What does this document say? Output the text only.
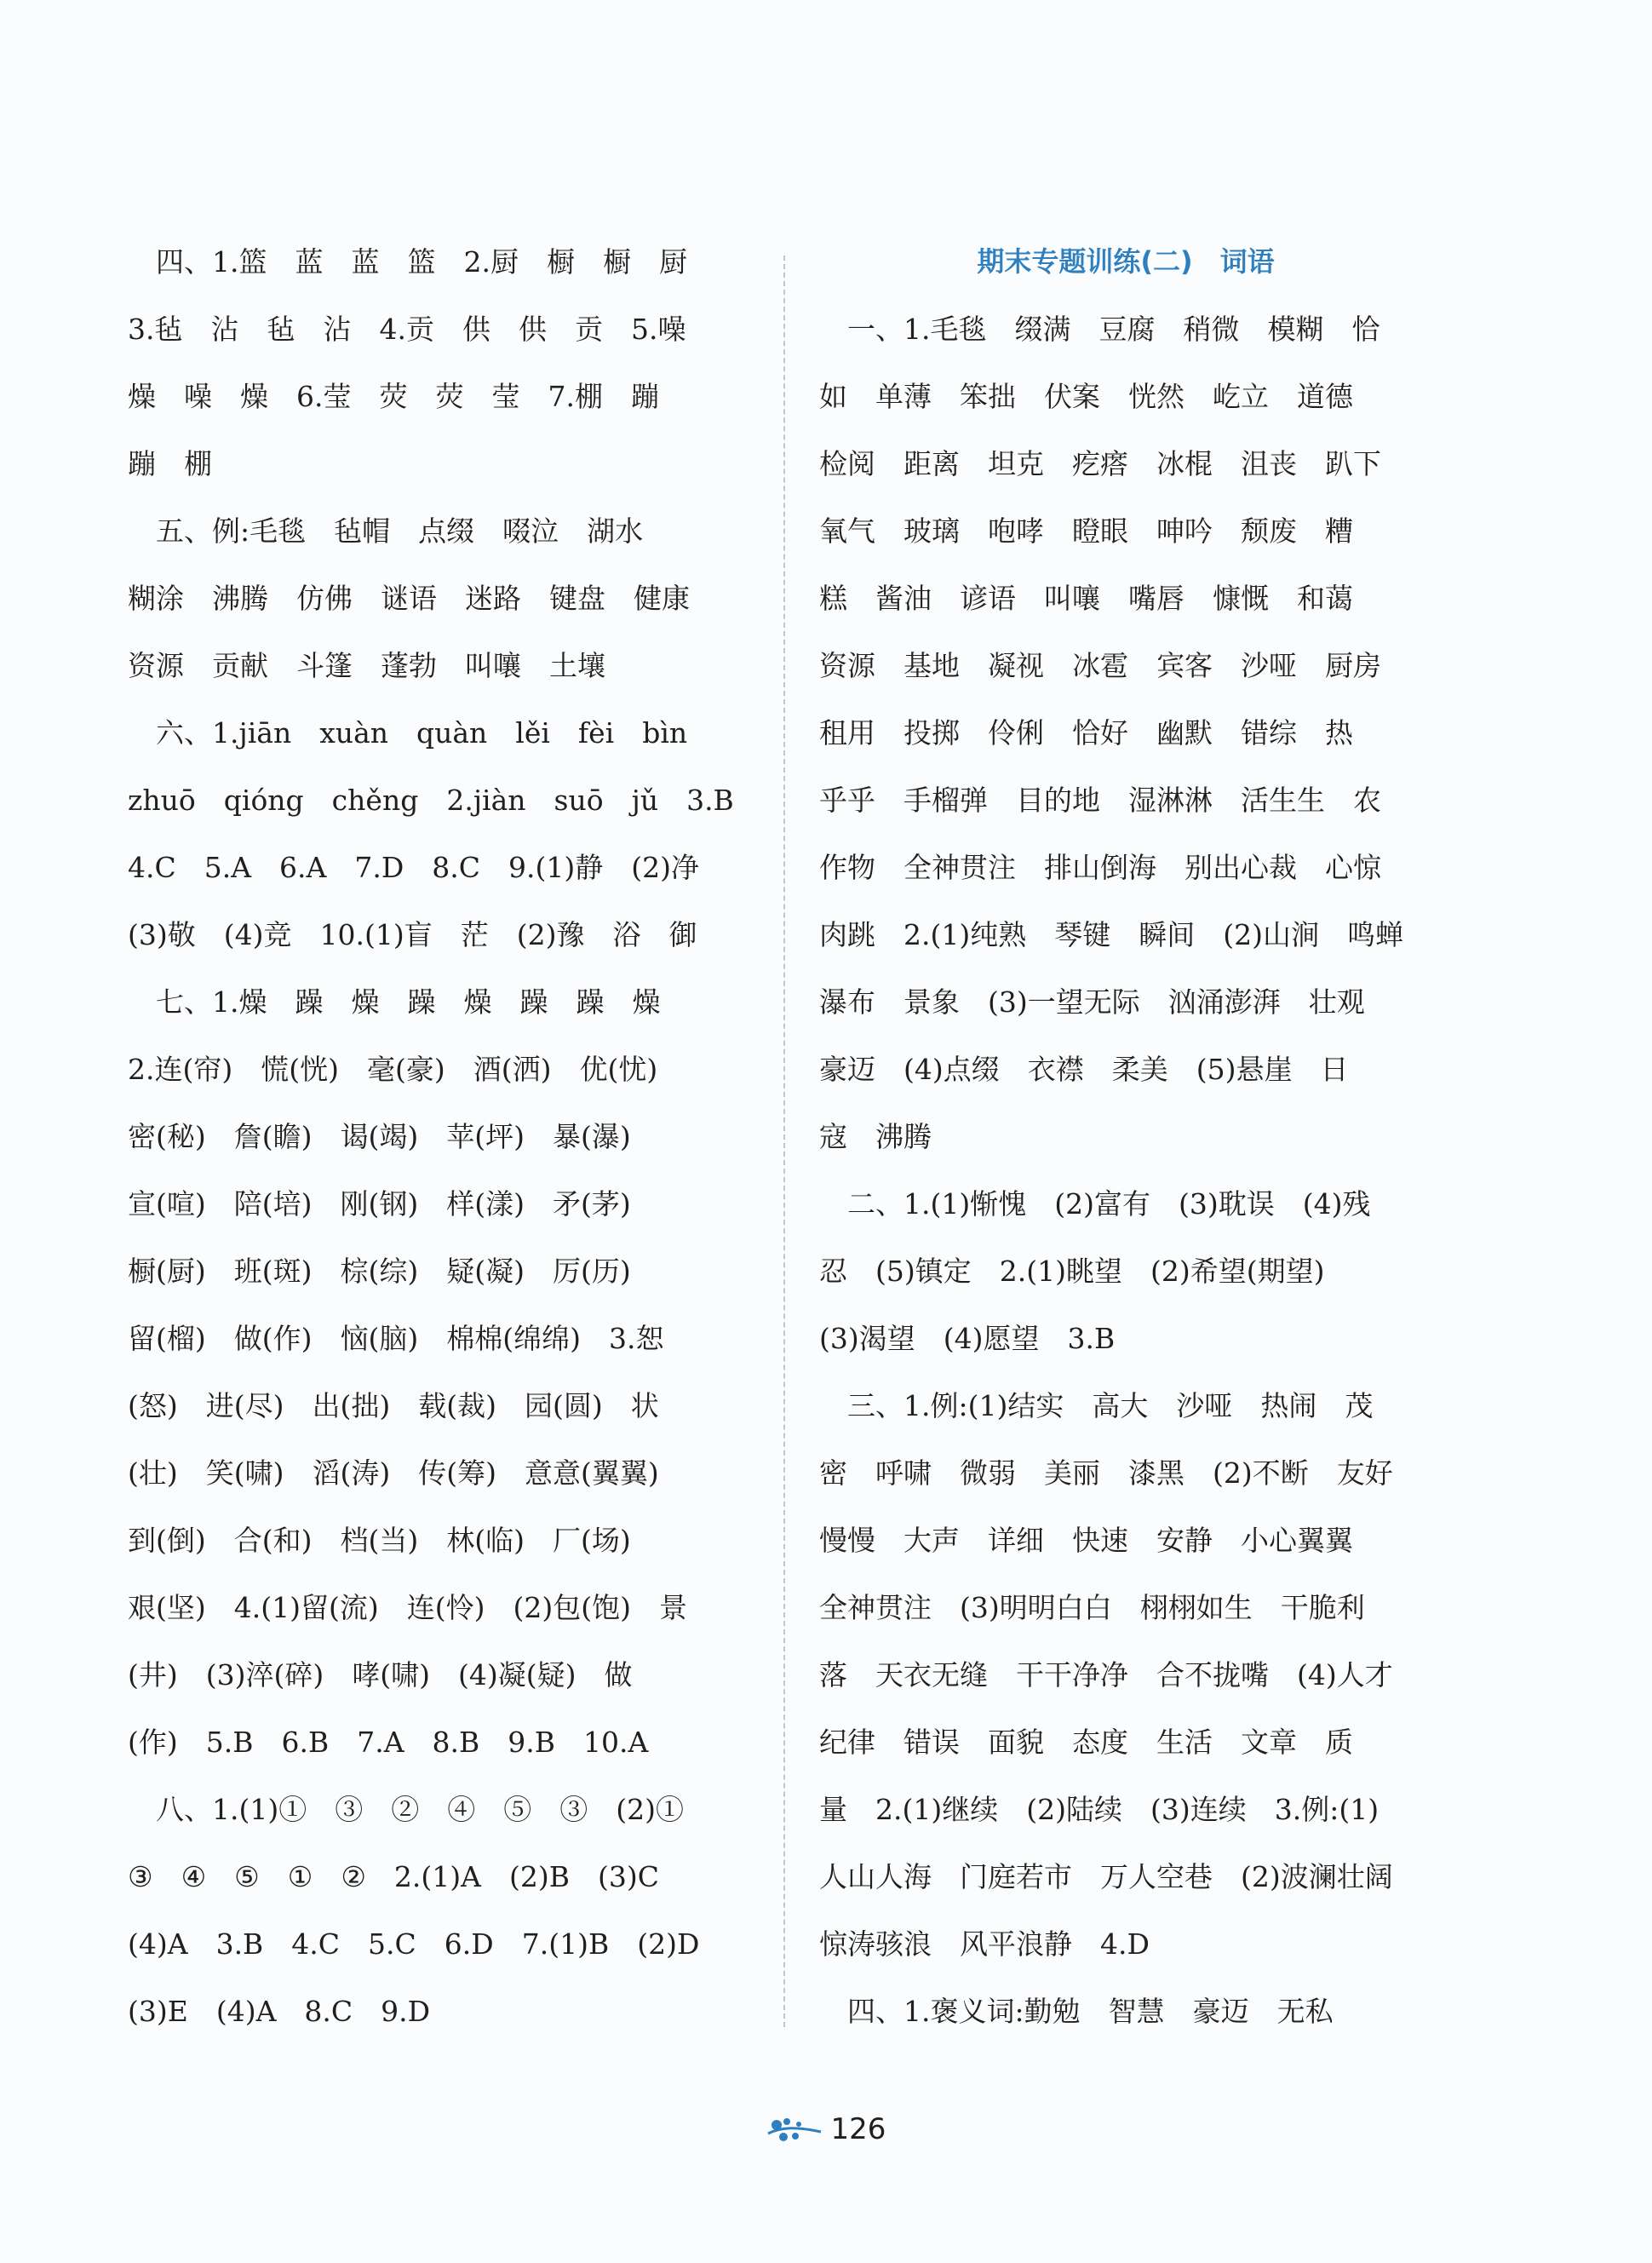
四、1.篮　蓝　蓝　篮　2.厨　橱　橱　厨
3.毡　沾　毡　沾　4.贡　供　供　贡　5.噪
燥　噪　燥　6.莹　荧　荧　莹　7.棚　蹦
蹦　棚
五、例:毛毯　毡帽　点缀　啜泣　湖水
糊涂　沸腾　仿佛　谜语　迷路　键盘　健康
资源　贡献　斗篷　蓬勃　叫嚷　土壤
六、1.jiān　xuàn　quàn　lěi　fèi　bìn
zhuō　qióng　chěng　2.jiàn　suō　jǔ　3.B
4.C　5.A　6.A　7.D　8.C　9.(1)静　(2)净
(3)敬　(4)竞　10.(1)盲　茫　(2)豫　浴　御
七、1.燥　躁　燥　躁　燥　躁　躁　燥
2.连(帘)　慌(恍)　毫(豪)　酒(洒)　优(忧)
密(秘)　詹(瞻)　谒(竭)　苹(坪)　暴(瀑)
宣(喧)　陪(培)　刚(钢)　样(漾)　矛(茅)
橱(厨)　班(斑)　棕(综)　疑(凝)　厉(历)
留(榴)　做(作)　恼(脑)　棉棉(绵绵)　3.恕
(怒)　进(尽)　出(拙)　载(裁)　园(圆)　状
(壮)　笑(啸)　滔(涛)　传(筹)　意意(翼翼)
到(倒)　合(和)　档(当)　林(临)　厂(场)
艰(坚)　4.(1)留(流)　连(怜)　(2)包(饱)　景
(井)　(3)淬(碎)　哮(啸)　(4)凝(疑)　做
(作)　5.B　6.B　7.A　8.B　9.B　10.A
八、1.(1)①　③　②　④　⑤　③　(2)①
③　④　⑤　①　②　2.(1)A　(2)B　(3)C
(4)A　3.B　4.C　5.C　6.D　7.(1)B　(2)D
(3)E　(4)A　8.C　9.D
期末专题训练(二)　词语
一、1.毛毯　缀满　豆腐　稍微　模糊　恰
如　单薄　笨拙　伏案　恍然　屹立　道德
检阅　距离　坦克　疙瘩　冰棍　沮丧　趴下
氧气　玻璃　咆哮　瞪眼　呻吟　颓废　糟
糕　酱油　谚语　叫嚷　嘴唇　慷慨　和蔼
资源　基地　凝视　冰雹　宾客　沙哑　厨房
租用　投掷　伶俐　恰好　幽默　错综　热
乎乎　手榴弹　目的地　湿淋淋　活生生　农
作物　全神贯注　排山倒海　别出心裁　心惊
肉跳　2.(1)纯熟　琴键　瞬间　(2)山涧　鸣蝉
瀑布　景象　(3)一望无际　汹涌澎湃　壮观
豪迈　(4)点缀　衣襟　柔美　(5)悬崖　日
寇　沸腾
二、1.(1)惭愧　(2)富有　(3)耽误　(4)残
忍　(5)镇定　2.(1)眺望　(2)希望(期望)
(3)渴望　(4)愿望　3.B
三、1.例:(1)结实　高大　沙哑　热闹　茂
密　呼啸　微弱　美丽　漆黑　(2)不断　友好
慢慢　大声　详细　快速　安静　小心翼翼
全神贯注　(3)明明白白　栩栩如生　干脆利
落　天衣无缝　干干净净　合不拢嘴　(4)人才
纪律　错误　面貌　态度　生活　文章　质
量　2.(1)继续　(2)陆续　(3)连续　3.例:(1)
人山人海　门庭若市　万人空巷　(2)波澜壮阔
惊涛骇浪　风平浪静　4.D
四、1.褒义词:勤勉　智慧　豪迈　无私
126
